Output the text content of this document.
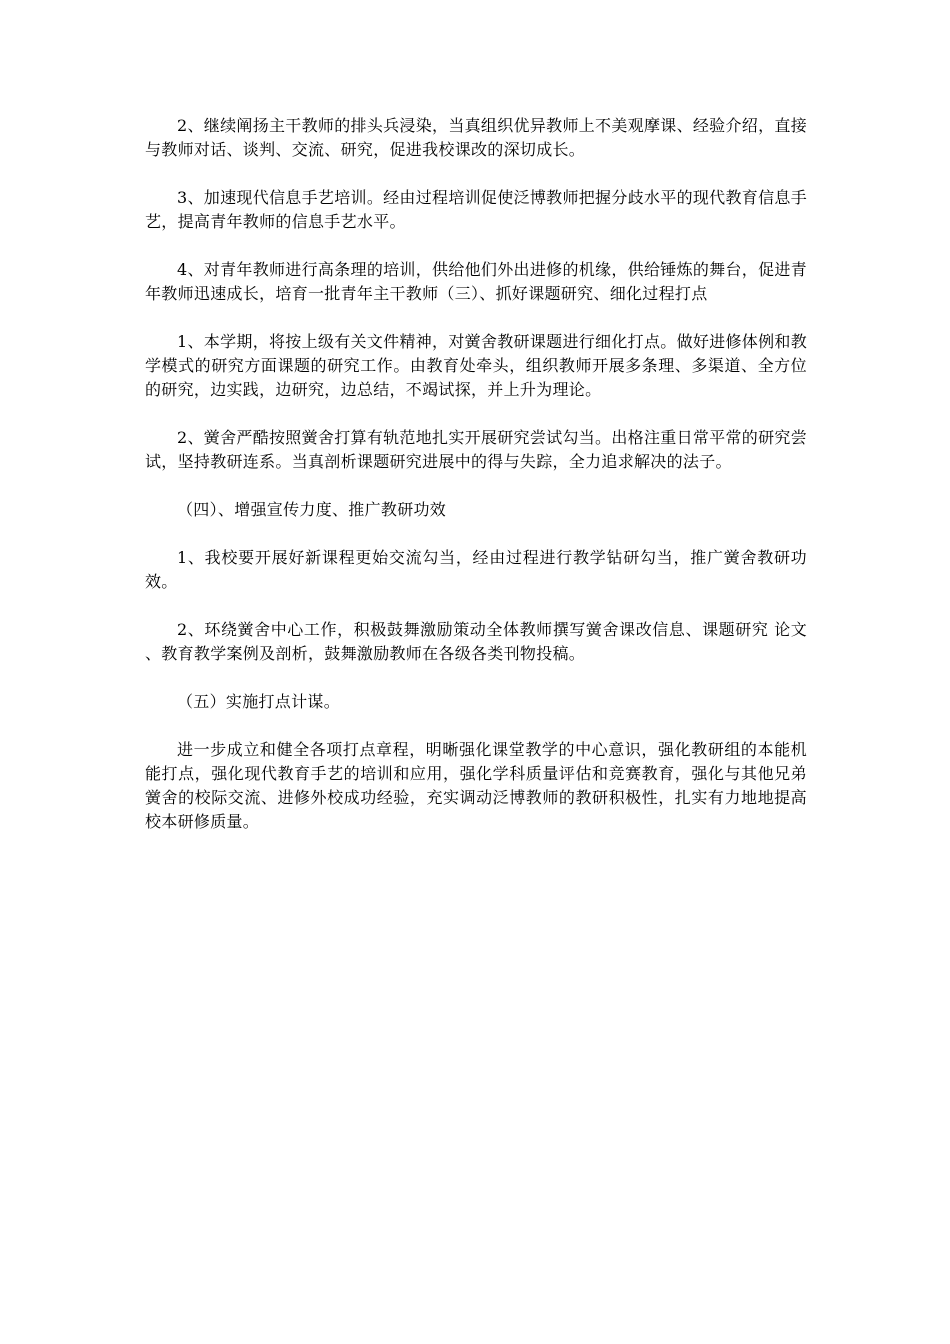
2、继续阐扬主干教师的排头兵浸染，当真组织优异教师上不美观摩课、经验介绍，直接与教师对话、谈判、交流、研究，促进我校课改的深切成长。

3、加速现代信息手艺培训。经由过程培训促使泛博教师把握分歧水平的现代教育信息手艺，提高青年教师的信息手艺水平。

4、对青年教师进行高条理的培训，供给他们外出进修的机缘，供给锤炼的舞台，促进青年教师迅速成长，培育一批青年主干教师（三）、抓好课题研究、细化过程打点

1、本学期，将按上级有关文件精神，对黉舍教研课题进行细化打点。做好进修体例和教学模式的研究方面课题的研究工作。由教育处牵头，组织教师开展多条理、多渠道、全方位的研究，边实践，边研究，边总结，不竭试探，并上升为理论。

2、黉舍严酷按照黉舍打算有轨范地扎实开展研究尝试勾当。出格注重日常平常的研究尝试，坚持教研连系。当真剖析课题研究进展中的得与失踪，全力追求解决的法子。

（四）、增强宣传力度、推广教研功效

1、我校要开展好新课程更始交流勾当，经由过程进行教学钻研勾当，推广黉舍教研功效。

2、环绕黉舍中心工作，积极鼓舞激励策动全体教师撰写黉舍课改信息、课题研究 论文 、教育教学案例及剖析，鼓舞激励教师在各级各类刊物投稿。

（五）实施打点计谋。

进一步成立和健全各项打点章程，明晰强化课堂教学的中心意识，强化教研组的本能机能打点，强化现代教育手艺的培训和应用，强化学科质量评估和竞赛教育，强化与其他兄弟黉舍的校际交流、进修外校成功经验，充实调动泛博教师的教研积极性，扎实有力地地提高校本研修质量。
